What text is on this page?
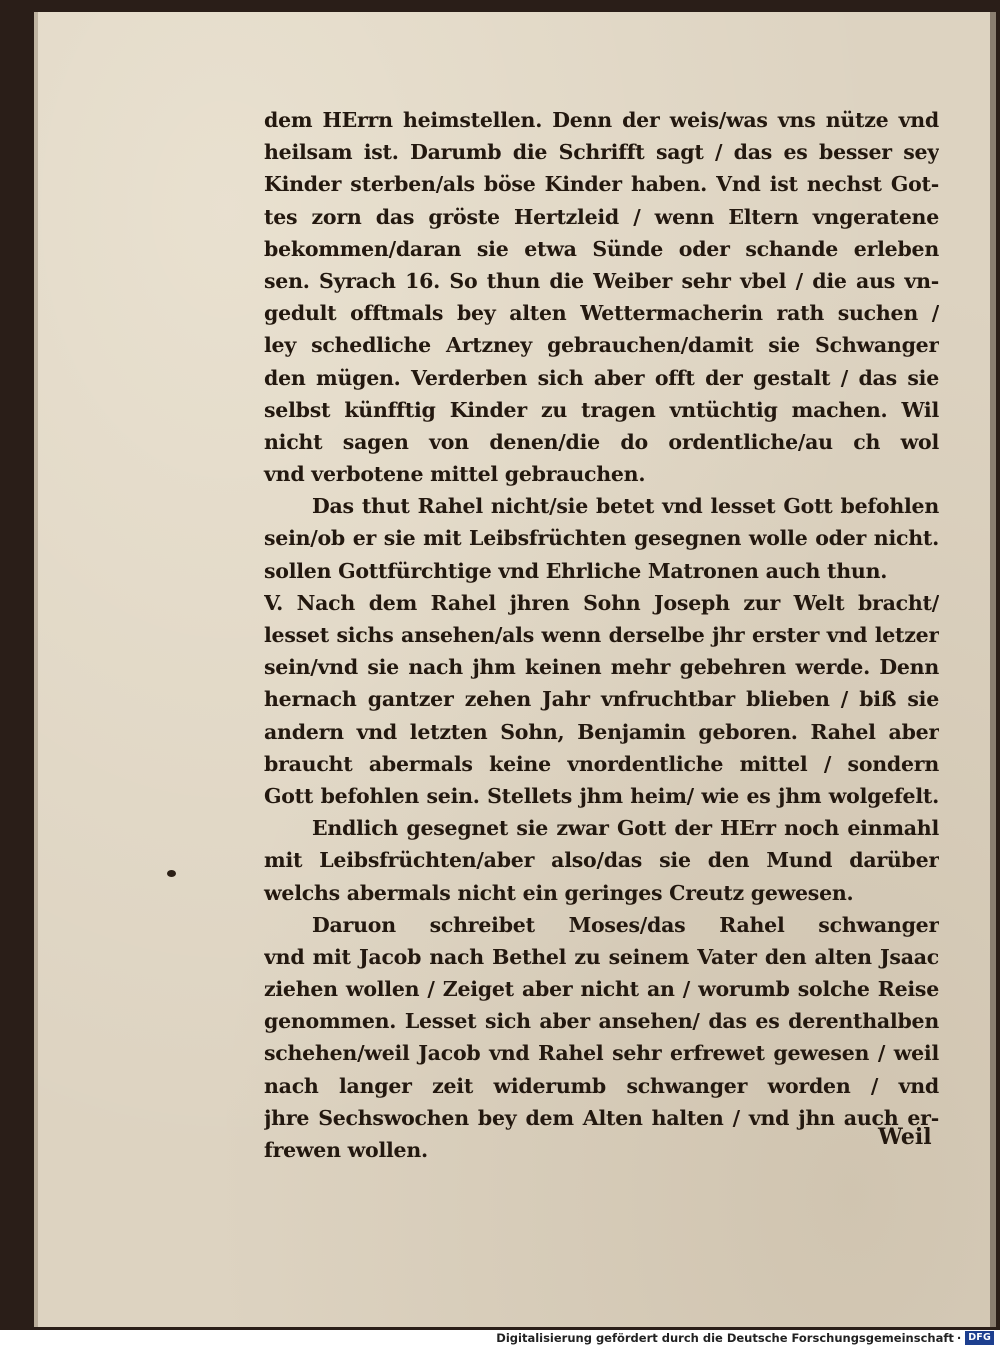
dem HErrn heimstellen. Denn der weis/was vns nütze vnd
heilsam ist. Darumb die Schrifft sagt / das es besser sey
Kinder sterben/als böse Kinder haben. Vnd ist nechst Got-
tes zorn das gröste Hertzleid / wenn Eltern vngeratene
bekommen/daran sie etwa Sünde oder schande erleben
sen. Syrach 16. So thun die Weiber sehr vbel / die aus vn-
gedult offtmals bey alten Wettermacherin rath suchen /
ley schedliche Artzney gebrauchen/damit sie Schwanger
den mügen. Verderben sich aber offt der gestalt / das sie
selbst künfftig Kinder zu tragen vntüchtig machen. Wil
nicht sagen von denen/die do ordentliche/au ch wol
vnd verbotene mittel gebrauchen.
Das thut Rahel nicht/sie betet vnd lesset Gott befohlen
sein/ob er sie mit Leibsfrüchten gesegnen wolle oder nicht.
sollen Gottfürchtige vnd Ehrliche Matronen auch thun.
V. Nach dem Rahel jhren Sohn Joseph zur Welt bracht/
lesset sichs ansehen/als wenn derselbe jhr erster vnd letzer
sein/vnd sie nach jhm keinen mehr gebehren werde. Denn
hernach gantzer zehen Jahr vnfruchtbar blieben / biß sie
andern vnd letzten Sohn, Benjamin geboren. Rahel aber
braucht abermals keine vnordentliche mittel / sondern
Gott befohlen sein. Stellets jhm heim/ wie es jhm wolgefelt.
Endlich gesegnet sie zwar Gott der HErr noch einmahl
mit Leibsfrüchten/aber also/das sie den Mund darüber
welchs abermals nicht ein geringes Creutz gewesen.
Daruon schreibet Moses/das Rahel schwanger
vnd mit Jacob nach Bethel zu seinem Vater den alten Jsaac
ziehen wollen / Zeiget aber nicht an / worumb solche Reise
genommen. Lesset sich aber ansehen/ das es derenthalben
schehen/weil Jacob vnd Rahel sehr erfrewet gewesen / weil
nach langer zeit widerumb schwanger worden / vnd
jhre Sechswochen bey dem Alten halten / vnd jhn auch er-
frewen wollen.	Weil
Digitalisierung gefördert durch die Deutsche Forschungsgemeinschaft · DFG
